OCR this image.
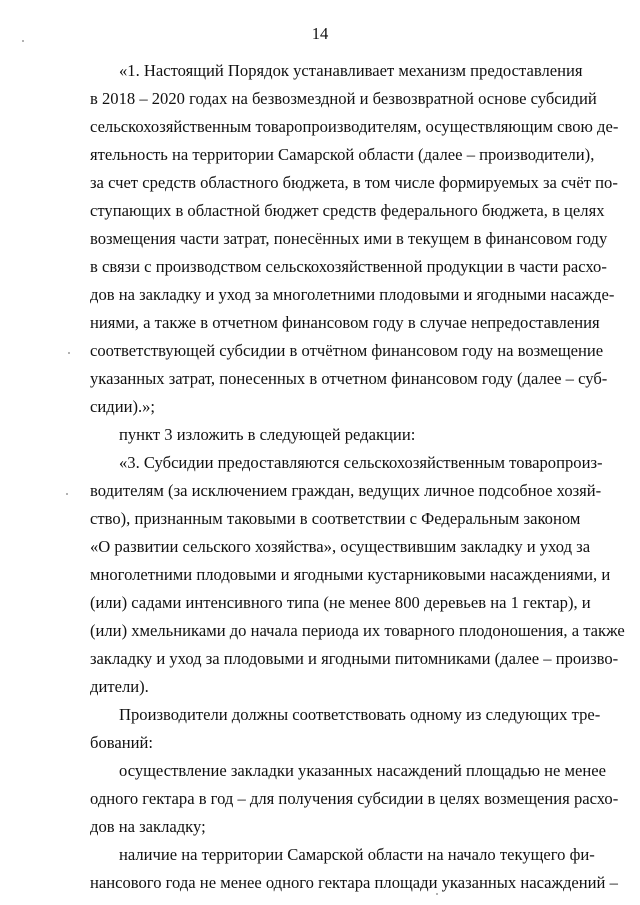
14
«1. Настоящий Порядок устанавливает механизм предоставления
в 2018 – 2020 годах на безвозмездной и безвозвратной основе субсидий
сельскохозяйственным товаропроизводителям, осуществляющим свою де-
ятельность на территории Самарской области (далее – производители),
за счет средств областного бюджета, в том числе формируемых за счёт по-
ступающих в областной бюджет средств федерального бюджета, в целях
возмещения части затрат, понесённых ими в текущем в финансовом году
в связи с производством сельскохозяйственной продукции в части расхо-
дов на закладку и уход за многолетними плодовыми и ягодными насажде-
ниями, а также в отчетном финансовом году в случае непредоставления
соответствующей субсидии в отчётном финансовом году на возмещение
указанных затрат, понесенных в отчетном финансовом году (далее – суб-
сидии).»;
пункт 3 изложить в следующей редакции:
«3. Субсидии предоставляются сельскохозяйственным товаропроиз-
водителям (за исключением граждан, ведущих личное подсобное хозяй-
ство), признанным таковыми в соответствии с Федеральным законом
«О развитии сельского хозяйства», осуществившим закладку и уход за
многолетними плодовыми и ягодными кустарниковыми насаждениями, и
(или) садами интенсивного типа (не менее 800 деревьев на 1 гектар), и
(или) хмельниками до начала периода их товарного плодоношения, а также
закладку и уход за плодовыми и ягодными питомниками (далее – произво-
дители).
Производители должны соответствовать одному из следующих тре-
бований:
осуществление закладки указанных насаждений площадью не менее
одного гектара в год – для получения субсидии в целях возмещения расхо-
дов на закладку;
наличие на территории Самарской области на начало текущего фи-
нансового года не менее одного гектара площади указанных насаждений –
